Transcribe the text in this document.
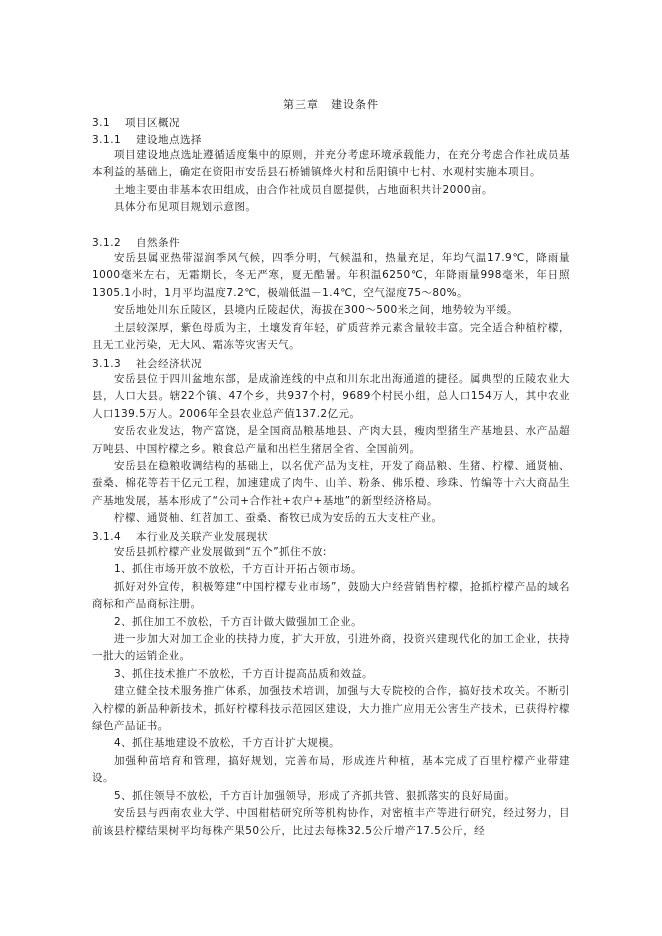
第三章　建设条件
3.1　 项目区概况
3.1.1　 建设地点选择

项目建设地点选址遵循适度集中的原则，并充分考虑环境承载能力，在充分考虑合作社成员基本利益的基础上，确定在资阳市安岳县石桥铺镇烽火村和岳阳镇中七村、水观村实施本项目。

土地主要由非基本农田组成，由合作社成员自愿提供，占地面积共计2000亩。

具体分布见项目规划示意图。

3.1.2　 自然条件

安岳县属亚热带湿润季风气候，四季分明，气候温和，热量充足，年均气温17.9℃，降雨量1000毫米左右，无霜期长，冬无严寒，夏无酷暑。年积温6250℃，年降雨量998毫米，年日照1305.1小时，1月平均温度7.2℃，极端低温－1.4℃，空气湿度75～80%。

安岳地处川东丘陵区，县境内丘陵起伏，海拔在300～500米之间，地势较为平缓。

土层较深厚，紫色母质为主，土壤发育年轻，矿质营养元素含量较丰富。完全适合种植柠檬，且无工业污染，无大风、霜冻等灾害天气。

3.1.3　 社会经济状况

安岳县位于四川盆地东部，是成渝连线的中点和川东北出海通道的捷径。属典型的丘陵农业大县，人口大县。辖22个镇、47个乡，共937个村，9689个村民小组，总人口154万人，其中农业人口139.5万人。2006年全县农业总产值137.2亿元。

安岳农业发达，物产富饶，是全国商品粮基地县、产肉大县，瘦肉型猪生产基地县、水产品超万吨县、中国柠檬之乡。粮食总产量和出栏生猪居全省、全国前列。

安岳县在稳粮收调结构的基础上，以名优产品为支柱，开发了商品粮、生猪、柠檬、通贤柚、蚕桑、棉花等若干亿元工程，加速建成了肉牛、山羊、粉条、佛乐橙、珍珠、竹编等十六大商品生产基地发展，基本形成了“公司+合作社+农户+基地”的新型经济格局。

柠檬、通贤柚、红苕加工、蚕桑、畜牧已成为安岳的五大支柱产业。

3.1.4　 本行业及关联产业发展现状

安岳县抓柠檬产业发展做到“五个”抓住不放:

1、抓住市场开放不放松，千方百计开拓占领市场。

抓好对外宣传，积极筹建“中国柠檬专业市场”，鼓励大户经营销售柠檬，抢抓柠檬产品的域名商标和产品商标注册。

2、抓住加工不放松，千方百计做大做强加工企业。

进一步加大对加工企业的扶持力度，扩大开放，引进外商，投资兴建现代化的加工企业，扶持一批大的运销企业。

3、抓住技术推广不放松，千方百计提高品质和效益。

建立健全技术服务推广体系，加强技术培训，加强与大专院校的合作，搞好技术攻关。不断引入柠檬的新品种新技术，抓好柠檬科技示范园区建设，大力推广应用无公害生产技术，已获得柠檬绿色产品证书。

4、抓住基地建设不放松，千方百计扩大规模。

加强种苗培育和管理，搞好规划，完善布局，形成连片种植，基本完成了百里柠檬产业带建设。

5、抓住领导不放松，千方百计加强领导，形成了齐抓共管、狠抓落实的良好局面。

安岳县与西南农业大学、中国柑桔研究所等机构协作，对密植丰产等进行研究，经过努力，目前该县柠檬结果树平均每株产果50公斤，比过去每株32.5公斤增产17.5公斤，经
